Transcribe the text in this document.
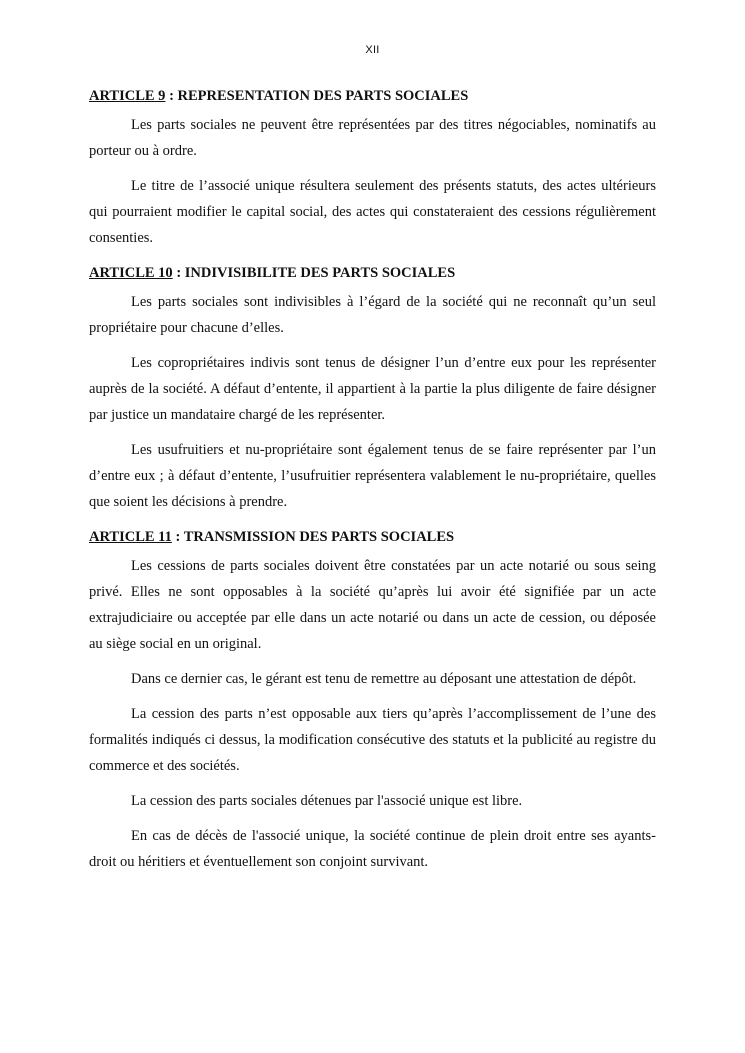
XII
ARTICLE 9 : REPRESENTATION DES PARTS SOCIALES

Les parts sociales ne peuvent être représentées par des titres négociables, nominatifs au porteur ou à ordre.

Le titre de l’associé unique résultera seulement des présents statuts, des actes ultérieurs qui pourraient modifier le capital social, des actes qui constateraient des cessions régulièrement consenties.

ARTICLE 10 : INDIVISIBILITE DES PARTS SOCIALES

Les parts sociales sont indivisibles à l’égard de la société qui ne reconnaît qu’un seul propriétaire pour chacune d’elles.

Les copropriétaires indivis sont tenus de désigner l’un d’entre eux pour les représenter auprès de la société. A défaut d’entente, il appartient à la partie la plus diligente de faire désigner par justice un mandataire chargé de les représenter.

Les usufruitiers et nu-propriétaire sont également tenus de se faire représenter par l’un d’entre eux ; à défaut d’entente, l’usufruitier représentera valablement le nu-propriétaire, quelles que soient les décisions à prendre.

ARTICLE 11 : TRANSMISSION DES PARTS SOCIALES

Les cessions de parts sociales doivent être constatées par un acte notarié ou sous seing privé. Elles ne sont opposables à la société qu’après lui avoir été signifiée par un acte extrajudiciaire ou acceptée par elle dans un acte notarié ou dans un acte de cession, ou déposée au siège social en un original.

Dans ce dernier cas, le gérant est tenu de remettre au déposant une attestation de dépôt.

La cession des parts n’est opposable aux tiers qu’après l’accomplissement de l’une des formalités indiqués ci dessus, la modification consécutive des statuts et la publicité au registre du commerce et des sociétés.

La cession des parts sociales détenues par l'associé unique est libre.

En cas de décès de l'associé unique, la société continue de plein droit entre ses ayants-droit ou héritiers et éventuellement son conjoint survivant.
